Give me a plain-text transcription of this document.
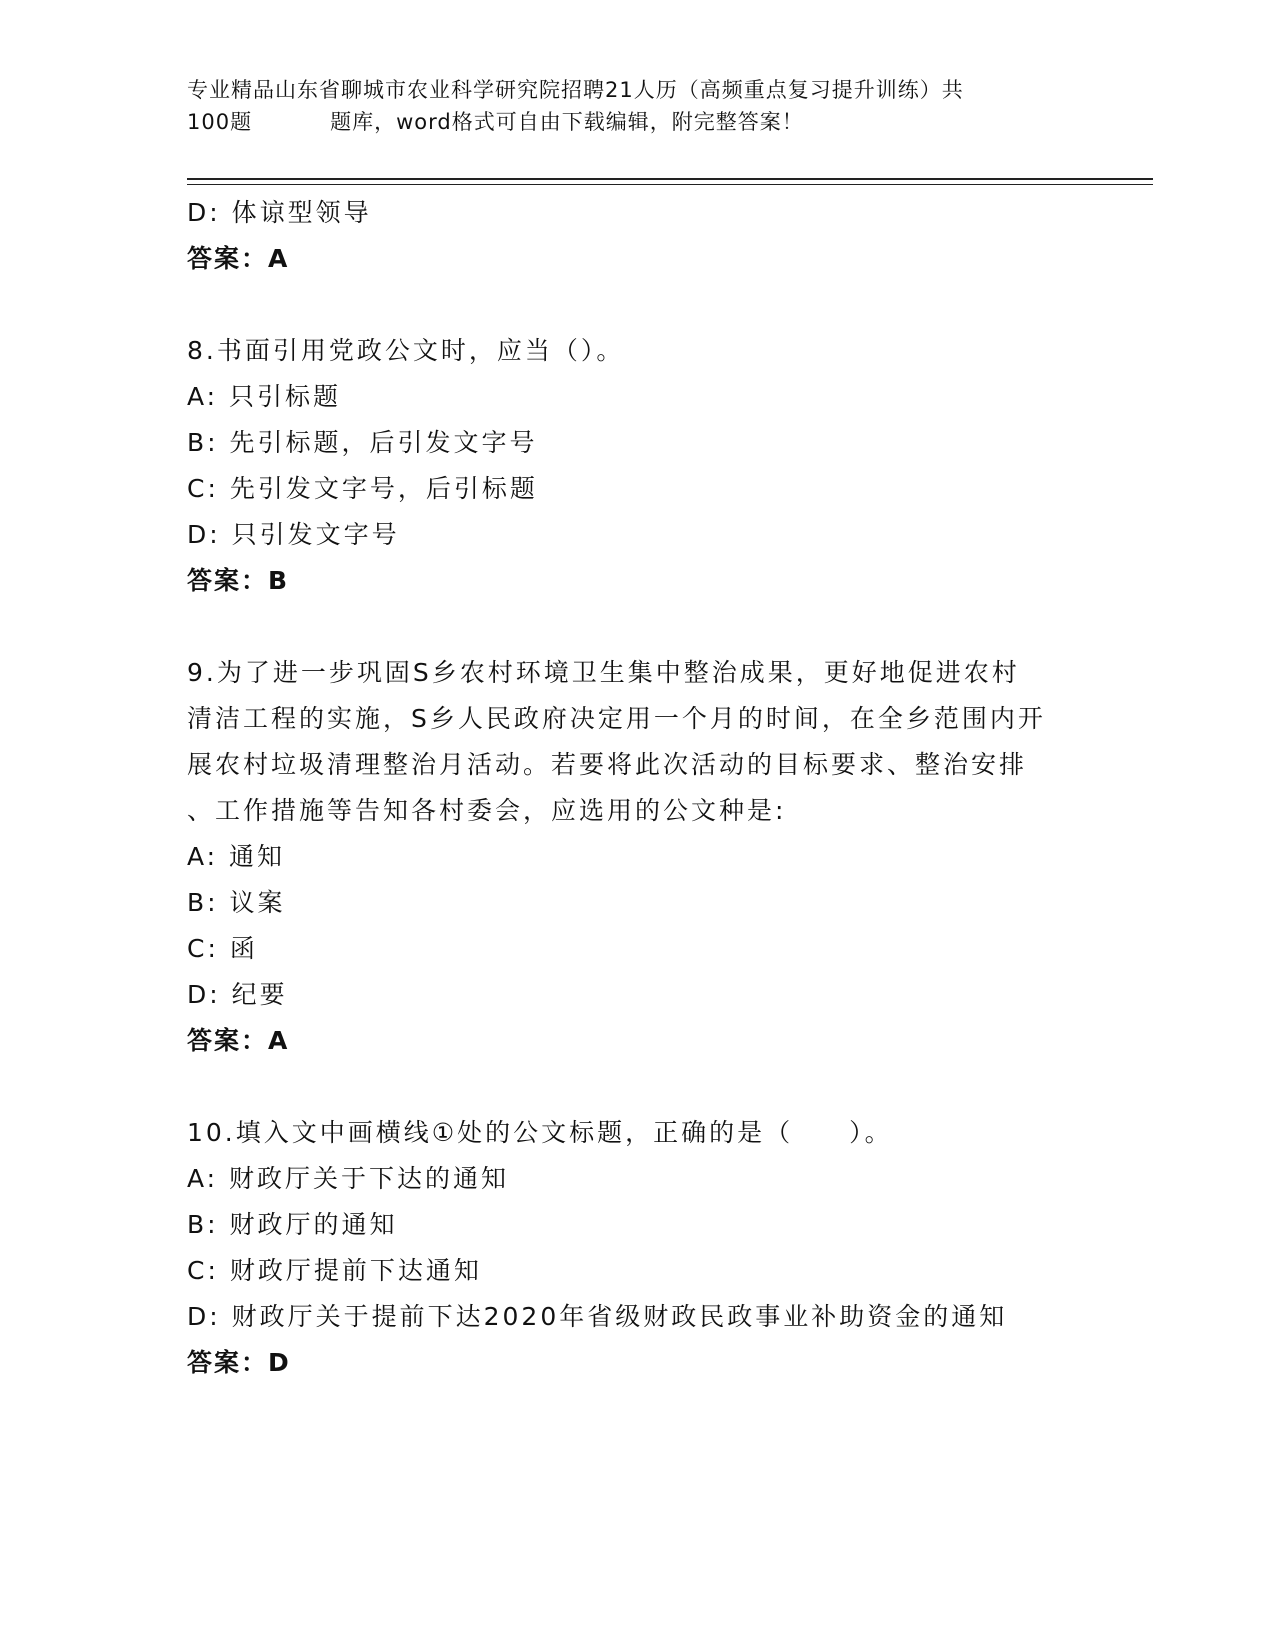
专业精品山东省聊城市农业科学研究院招聘21人历（高频重点复习提升训练）共
100题	题库，word格式可自由下载编辑，附完整答案！
D: 体谅型领导
答案：A
8.书面引用党政公文时，应当（）。
A: 只引标题
B: 先引标题，后引发文字号
C: 先引发文字号，后引标题
D: 只引发文字号
答案：B
9.为了进一步巩固S乡农村环境卫生集中整治成果，更好地促进农村
清洁工程的实施，S乡人民政府决定用一个月的时间，在全乡范围内开
展农村垃圾清理整治月活动。若要将此次活动的目标要求、整治安排
、工作措施等告知各村委会，应选用的公文种是:
A: 通知
B: 议案
C: 函
D: 纪要
答案：A
10.填入文中画横线①处的公文标题，正确的是（　　）。
A: 财政厅关于下达的通知
B: 财政厅的通知
C: 财政厅提前下达通知
D: 财政厅关于提前下达2020年省级财政民政事业补助资金的通知
答案：D
